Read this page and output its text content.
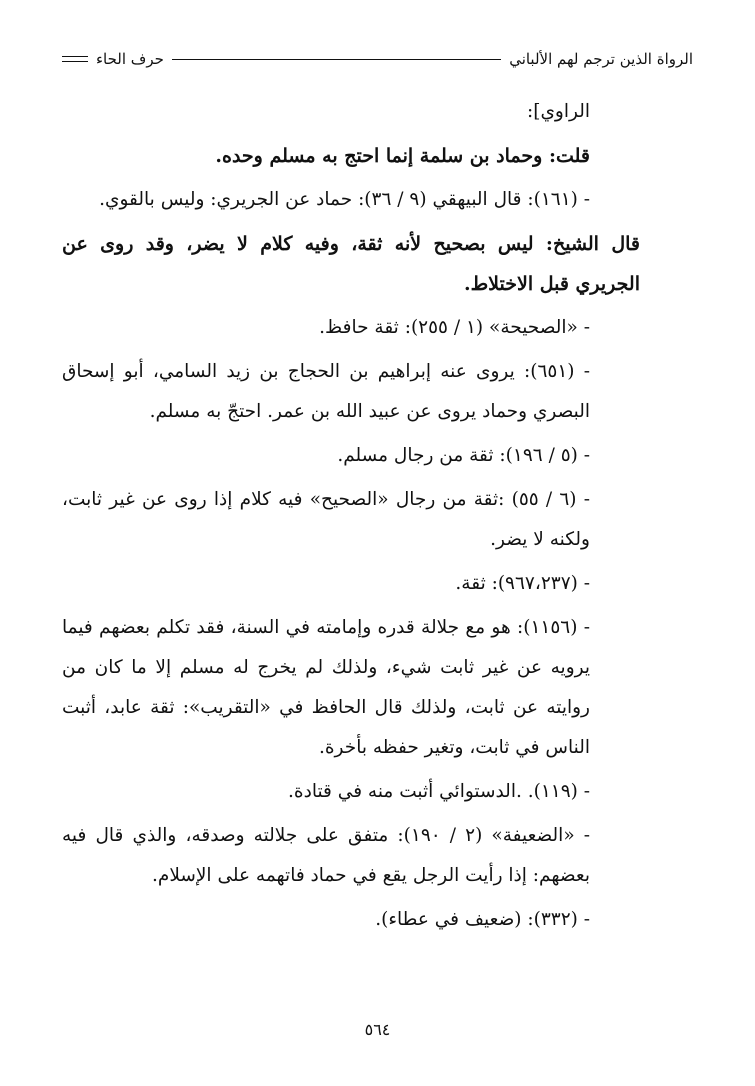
الرواة الذين ترجم لهم الألباني
حرف الحاء

الراوي]:

قلت: وحماد بن سلمة إنما احتج به مسلم وحده.

- (١٦١): قال البيهقي (٩ / ٣٦): حماد عن الجريري: وليس بالقوي.

قال الشيخ: ليس بصحيح لأنه ثقة، وفيه كلام لا يضر، وقد روى عن الجريري قبل الاختلاط.

- «الصحيحة» (١ / ٢٥٥): ثقة حافظ.

- (٦٥١): يروى عنه إبراهيم بن الحجاج بن زيد السامي، أبو إسحاق البصري وحماد يروى عن عبيد الله بن عمر. احتجّ به مسلم.

- (٥ / ١٩٦): ثقة من رجال مسلم.

- (٦ / ٥٥) :ثقة من رجال «الصحيح» فيه كلام إذا روى عن غير ثابت، ولكنه لا يضر.

- (٩٦٧،٢٣٧): ثقة.

- (١١٥٦): هو مع جلالة قدره وإمامته في السنة، فقد تكلم بعضهم فيما يرويه عن غير ثابت شيء، ولذلك لم يخرج له مسلم إلا ما كان من روايته عن ثابت، ولذلك قال الحافظ في «التقريب»: ثقة عابد، أثبت الناس في ثابت، وتغير حفظه بأخرة.

- (١١٩). .الدستوائي أثبت منه في قتادة.

- «الضعيفة» (٢ / ١٩٠): متفق على جلالته وصدقه، والذي قال فيه بعضهم: إذا رأيت الرجل يقع في حماد فاتهمه على الإسلام.

- (٣٣٢): (ضعيف في عطاء).

٥٦٤
